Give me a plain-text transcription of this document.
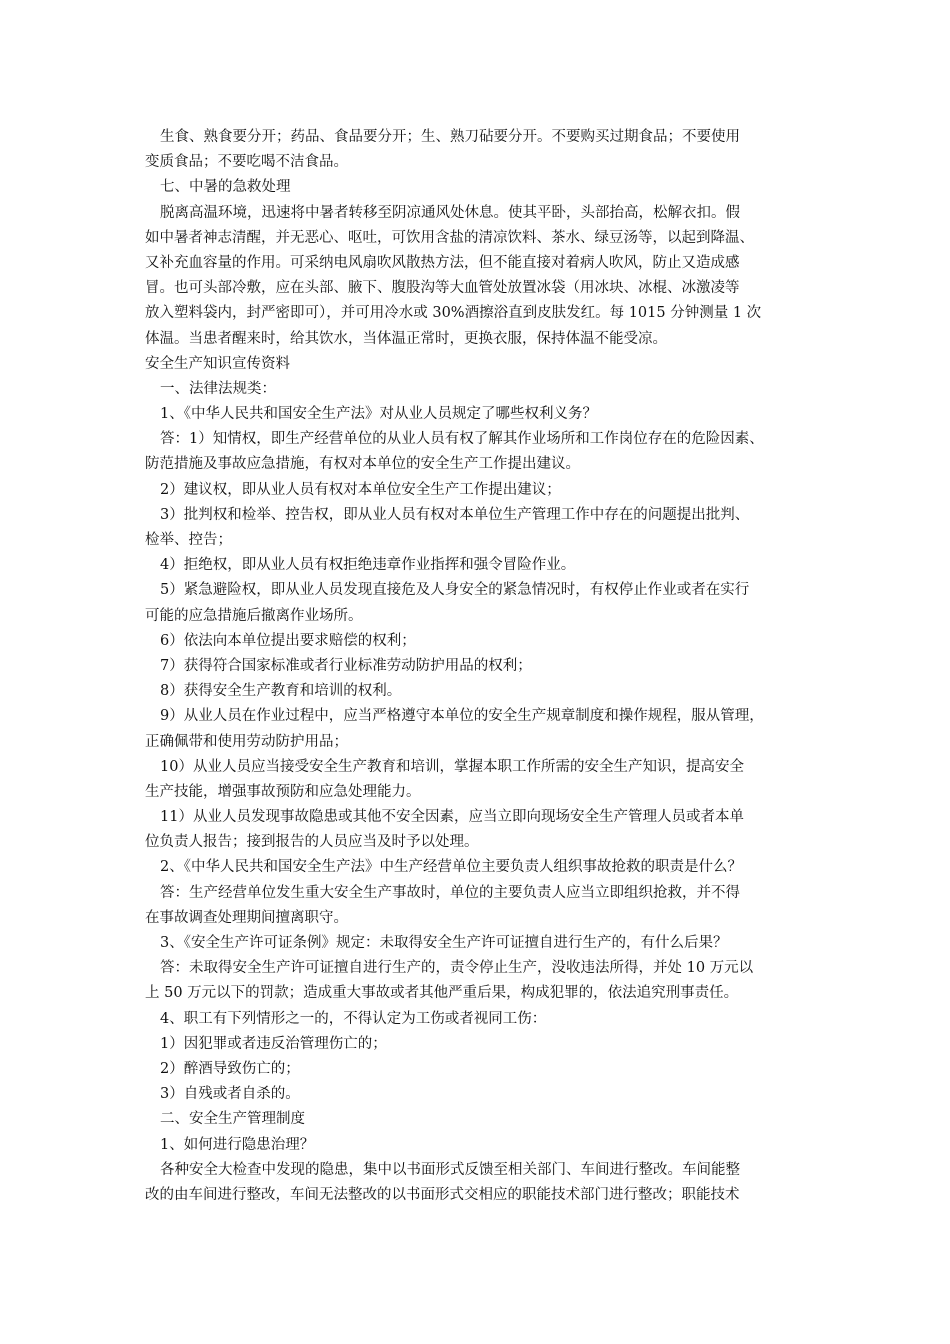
生食、熟食要分开；药品、食品要分开；生、熟刀砧要分开。不要购买过期食品；不要使用
变质食品；不要吃喝不洁食品。
七、中暑的急救处理
脱离高温环境，迅速将中暑者转移至阴凉通风处休息。使其平卧，头部抬高，松解衣扣。假
如中暑者神志清醒，并无恶心、呕吐，可饮用含盐的清凉饮料、茶水、绿豆汤等，以起到降温、
又补充血容量的作用。可采纳电风扇吹风散热方法，但不能直接对着病人吹风，防止又造成感
冒。也可头部冷敷，应在头部、腋下、腹股沟等大血管处放置冰袋（用冰块、冰棍、冰激凌等
放入塑料袋内，封严密即可），并可用冷水或 30%酒擦浴直到皮肤发红。每 1015 分钟测量 1 次
体温。当患者醒来时，给其饮水，当体温正常时，更换衣服，保持体温不能受凉。
安全生产知识宣传资料
一、法律法规类：
1、《中华人民共和国安全生产法》对从业人员规定了哪些权利义务？
答：1）知情权，即生产经营单位的从业人员有权了解其作业场所和工作岗位存在的危险因素、
防范措施及事故应急措施，有权对本单位的安全生产工作提出建议。
2）建议权，即从业人员有权对本单位安全生产工作提出建议；
3）批判权和检举、控告权，即从业人员有权对本单位生产管理工作中存在的问题提出批判、
检举、控告；
4）拒绝权，即从业人员有权拒绝违章作业指挥和强令冒险作业。
5）紧急避险权，即从业人员发现直接危及人身安全的紧急情况时，有权停止作业或者在实行
可能的应急措施后撤离作业场所。
6）依法向本单位提出要求赔偿的权利；
7）获得符合国家标准或者行业标准劳动防护用品的权利；
8）获得安全生产教育和培训的权利。
9）从业人员在作业过程中，应当严格遵守本单位的安全生产规章制度和操作规程，服从管理，
正确佩带和使用劳动防护用品；
10）从业人员应当接受安全生产教育和培训，掌握本职工作所需的安全生产知识，提高安全
生产技能，增强事故预防和应急处理能力。
11）从业人员发现事故隐患或其他不安全因素，应当立即向现场安全生产管理人员或者本单
位负责人报告；接到报告的人员应当及时予以处理。
2、《中华人民共和国安全生产法》中生产经营单位主要负责人组织事故抢救的职责是什么？
答：生产经营单位发生重大安全生产事故时，单位的主要负责人应当立即组织抢救，并不得
在事故调查处理期间擅离职守。
3、《安全生产许可证条例》规定：未取得安全生产许可证擅自进行生产的，有什么后果？
答：未取得安全生产许可证擅自进行生产的，责令停止生产，没收违法所得，并处 10 万元以
上 50 万元以下的罚款；造成重大事故或者其他严重后果，构成犯罪的，依法追究刑事责任。
4、职工有下列情形之一的，不得认定为工伤或者视同工伤：
1）因犯罪或者违反治管理伤亡的；
2）醉酒导致伤亡的；
3）自残或者自杀的。
二、安全生产管理制度
1、如何进行隐患治理？
各种安全大检查中发现的隐患，集中以书面形式反馈至相关部门、车间进行整改。车间能整
改的由车间进行整改，车间无法整改的以书面形式交相应的职能技术部门进行整改；职能技术
